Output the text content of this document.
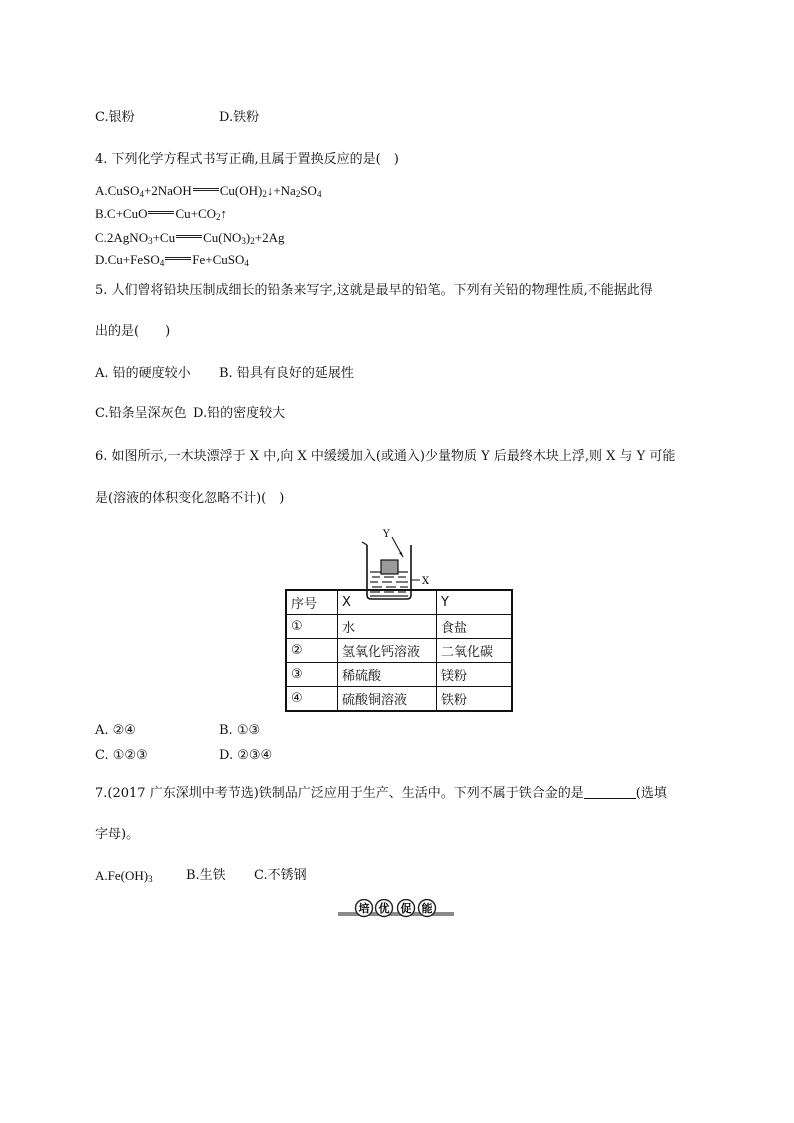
C.银粉	D.铁粉
4. 下列化学方程式书写正确,且属于置换反应的是(　)
A.CuSO$_4$+2NaOH $Cu(OH)_2↓+Na_2SO_4$
B.C+CuO $Cu+CO_2↑$
C.2AgNO$_3$+Cu $Cu(NO_3)_2+2Ag$
D.Cu+FeSO$_4$ Fe+CuSO$_4$
5. 人们曾将铅块压制成细长的铅条来写字,这就是最早的铅笔。下列有关铅的物理性质,不能据此得
出的是(　　)
A. 铅的硬度较小 B. 铅具有良好的延展性
C.铅条呈深灰色 D.铅的密度较大
6. 如图所示,一木块漂浮于 X 中,向 X 中缓缓加入(或通入)少量物质 Y 后最终木块上浮,则 X 与 Y 可能
是(溶液的体积变化忽略不计)(　)
Y
X
序号	X	Y
①	水	食盐
②	氢氧化钙溶液	二氧化碳
③	稀硫酸	镁粉
④	硫酸铜溶液	铁粉
A. ②④	B. ①③
C. ①②③	D. ②③④
7.(2017 广东深圳中考节选)铁制品广泛应用于生产、生活中。下列不属于铁合金的是	(选填
字母)。
$A.Fe(OH)_3$	B.生铁 C.不锈钢
培 优 促 能
